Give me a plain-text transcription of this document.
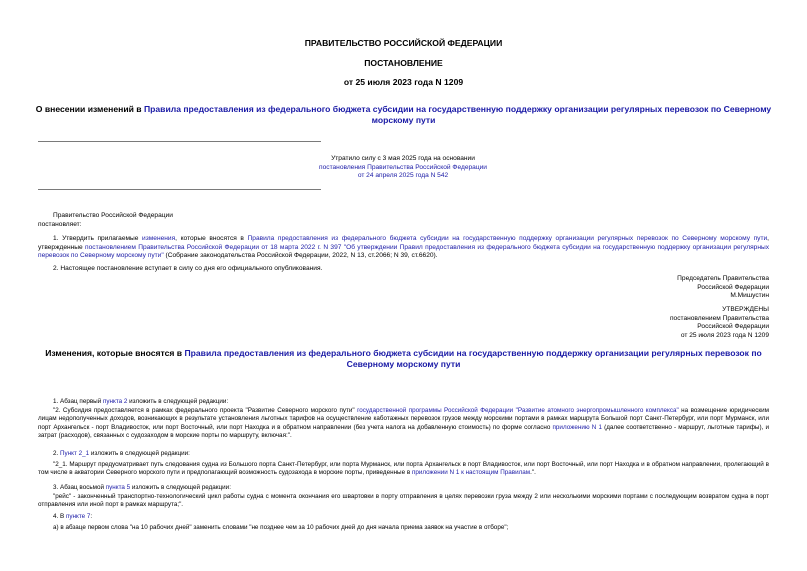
ПРАВИТЕЛЬСТВО РОССИЙСКОЙ ФЕДЕРАЦИИ
ПОСТАНОВЛЕНИЕ
от 25 июля 2023 года N 1209
О внесении изменений в Правила предоставления из федерального бюджета субсидии на государственную поддержку организации регулярных перевозок по Северному морскому пути
Утратило силу с 3 мая 2025 года на основании
постановления Правительства Российской Федерации
от 24 апреля 2025 года N 542
Правительство Российской Федерации
постановляет:
1. Утвердить прилагаемые изменения, которые вносятся в Правила предоставления из федерального бюджета субсидии на государственную поддержку организации регулярных перевозок по Северному морскому пути, утвержденные постановлением Правительства Российской Федерации от 18 марта 2022 г. N 397 "Об утверждении Правил предоставления из федерального бюджета субсидии на государственную поддержку организации регулярных перевозок по Северному морскому пути" (Собрание законодательства Российской Федерации, 2022, N 13, ст.2066; N 39, ст.6620).
2. Настоящее постановление вступает в силу со дня его официального опубликования.
Председатель Правительства
Российской Федерации
М.Мишустин
УТВЕРЖДЕНЫ
постановлением Правительства
Российской Федерации
от 25 июля 2023 года N 1209
Изменения, которые вносятся в Правила предоставления из федерального бюджета субсидии на государственную поддержку организации регулярных перевозок по Северному морскому пути
1. Абзац первый пункта 2 изложить в следующей редакции:
"2. Субсидия предоставляется в рамках федерального проекта "Развитие Северного морского пути" государственной программы Российской Федерации "Развитие атомного энергопромышленного комплекса" на возмещение юридическим лицам недополученных доходов, возникающих в результате установления льготных тарифов на осуществление каботажных перевозок грузов между морскими портами в рамках маршрута Большой порт Санкт-Петербург, или порт Мурманск, или порт Архангельск - порт Владивосток, или порт Восточный, или порт Находка и в обратном направлении (без учета налога на добавленную стоимость) по форме согласно приложению N 1 (далее соответственно - маршрут, льготные тарифы), и затрат (расходов), связанных с судозаходом в морские порты по маршруту, включая:".
2. Пункт 2_1 изложить в следующей редакции:
"2_1. Маршрут предусматривает путь следования судна из Большого порта Санкт-Петербург, или порта Мурманск, или порта Архангельск в порт Владивосток, или порт Восточный, или порт Находка и в обратном направлении, пролегающий в том числе в акватории Северного морского пути и предполагающий возможность судозахода в морские порты, приведенные в приложении N 1 к настоящим Правилам.".
3. Абзац восьмой пункта 5 изложить в следующей редакции:
"рейс" - законченный транспортно-технологический цикл работы судна с момента окончания его швартовки в порту отправления в целях перевозки груза между 2 или несколькими морскими портами с последующим возвратом судна в порт отправления или иной порт в рамках маршрута;".
4. В пункте 7:
а) в абзаце первом слова "на 10 рабочих дней" заменить словами "не позднее чем за 10 рабочих дней до дня начала приема заявок на участие в отборе";
